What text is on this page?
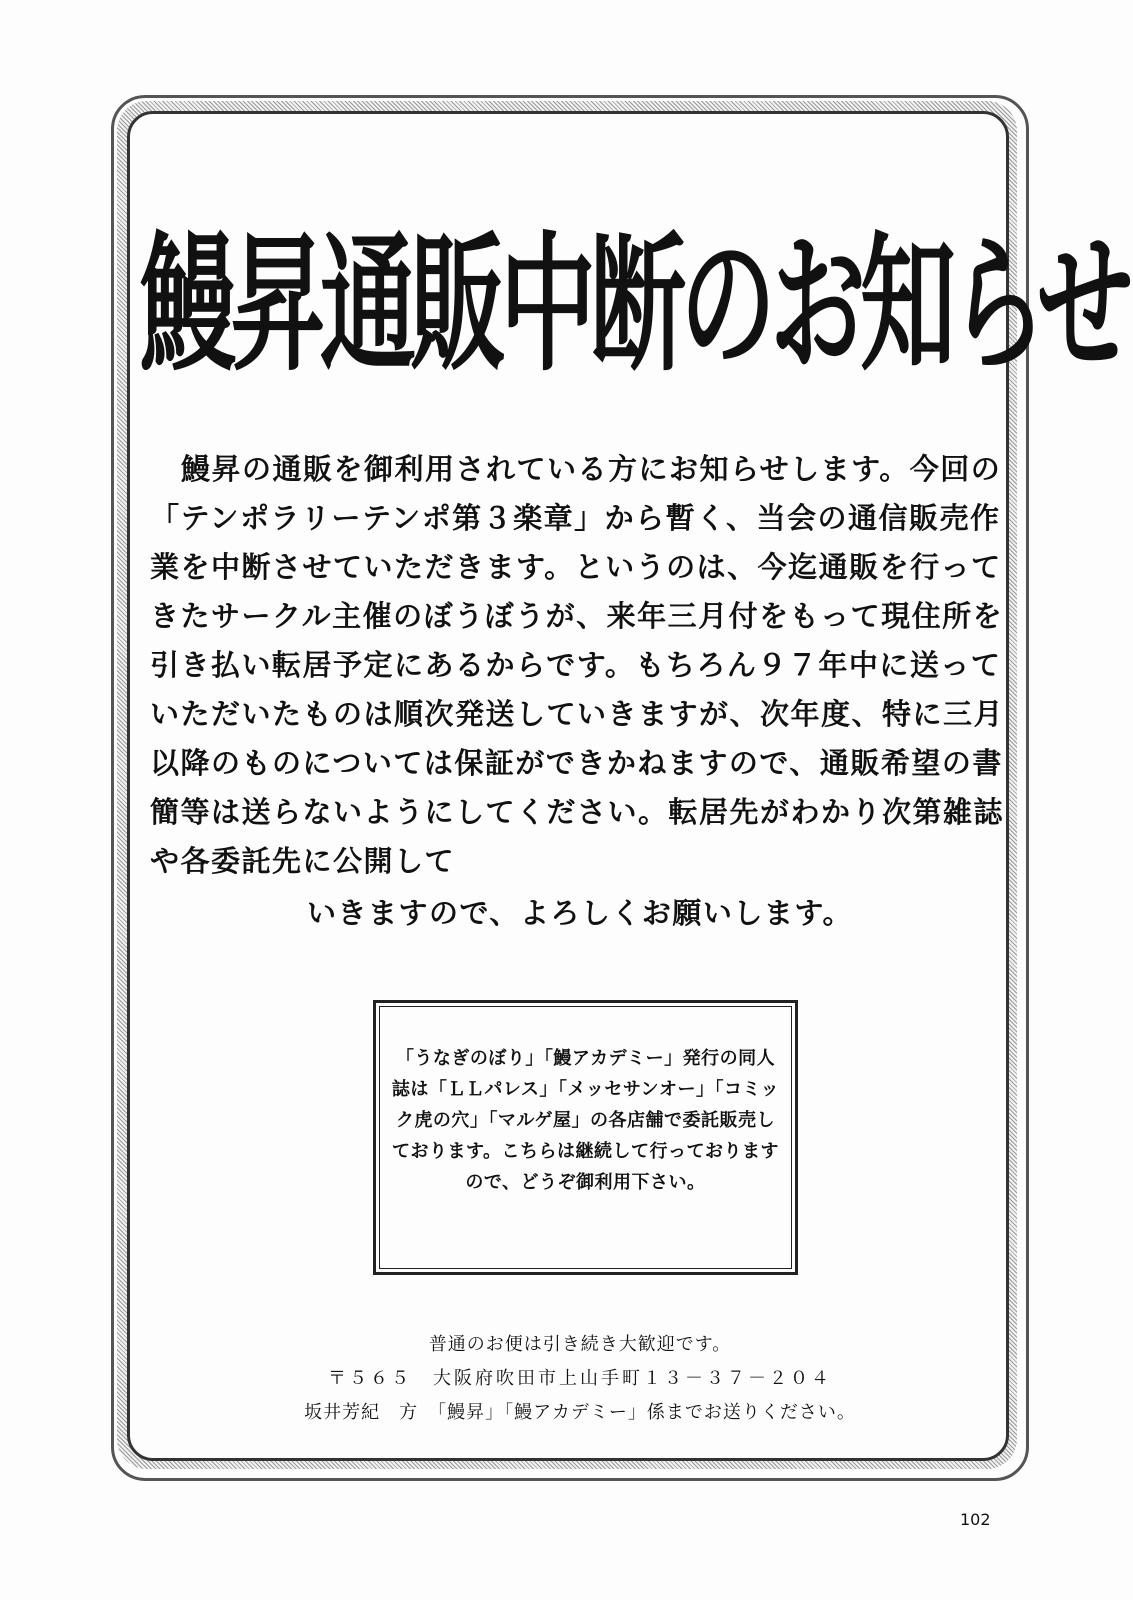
鰻昇通販中断のお知らせ

鰻昇の通販を御利用されている方にお知らせします。今回の「テンポラリーテンポ第３楽章」から暫く、当会の通信販売作業を中断させていただきます。というのは、今迄通販を行ってきたサークル主催のぼうぼうが、来年三月付をもって現住所を引き払い転居予定にあるからです。もちろん９７年中に送っていただいたものは順次発送していきますが、次年度、特に三月以降のものについては保証ができかねますので、通販希望の書簡等は送らないようにしてください。転居先がわかり次第雑誌や各委託先に公開して

いきますので、よろしくお願いします。

「うなぎのぼり」「鰻アカデミー」発行の同人誌は「ＬＬパレス」「メッセサンオー」「コミック虎の穴」「マルゲ屋」の各店舗で委託販売しております。こちらは継続して行っておりますので、どうぞ御利用下さい。

普通のお便は引き続き大歓迎です。

〒５６５　大阪府吹田市上山手町１３－３７－２０４

坂井芳紀　方　「鰻昇」「鰻アカデミー」係までお送りください。

102
